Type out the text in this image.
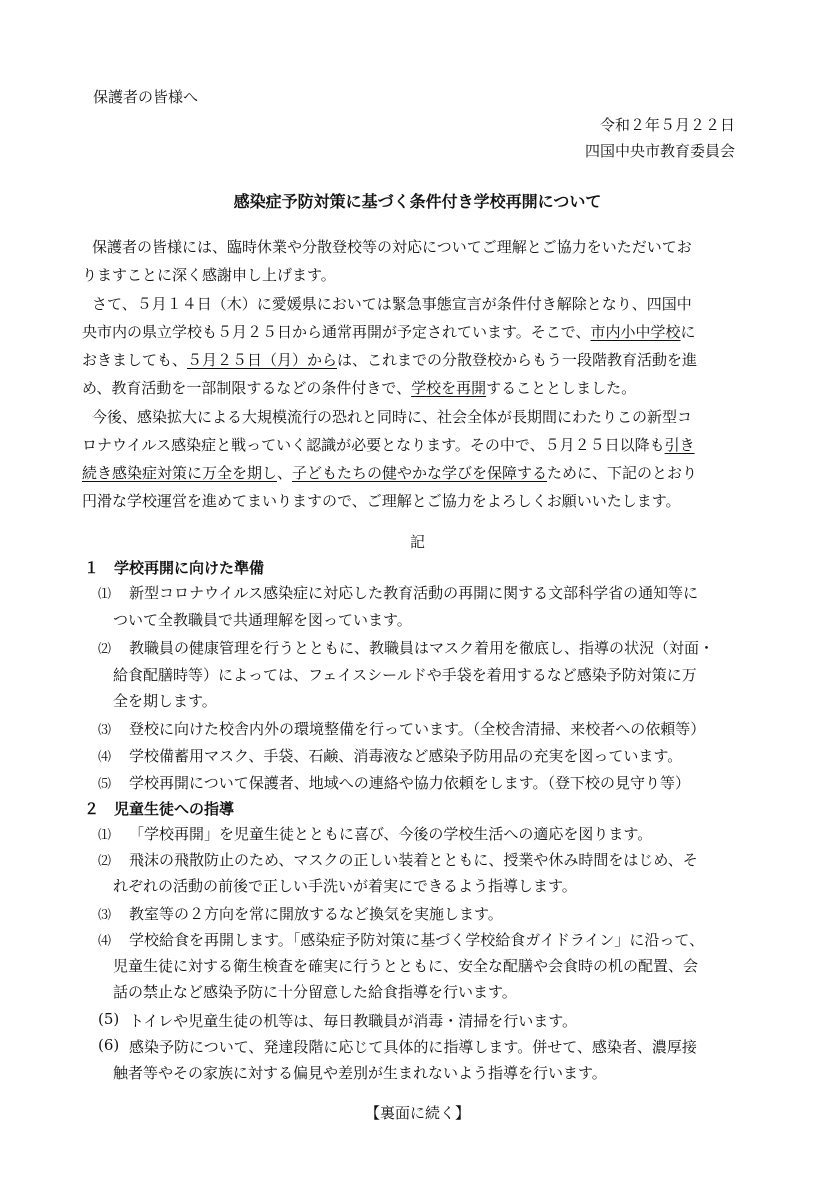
保護者の皆様へ
令和２年５月２２日
四国中央市教育委員会
感染症予防対策に基づく条件付き学校再開について
保護者の皆様には、臨時休業や分散登校等の対応についてご理解とご協力をいただいてお
りますことに深く感謝申し上げます。
さて、５月１４日（木）に愛媛県においては緊急事態宣言が条件付き解除となり、四国中
央市内の県立学校も５月２５日から通常再開が予定されています。そこで、市内小中学校に
おきましても、５月２５日（月）からは、これまでの分散登校からもう一段階教育活動を進
め、教育活動を一部制限するなどの条件付きで、学校を再開することとしました。
今後、感染拡大による大規模流行の恐れと同時に、社会全体が長期間にわたりこの新型コ
ロナウイルス感染症と戦っていく認識が必要となります。その中で、５月２５日以降も引き
続き感染症対策に万全を期し、子どもたちの健やかな学びを保障するために、下記のとおり
円滑な学校運営を進めてまいりますので、ご理解とご協力をよろしくお願いいたします。
記
１　学校再開に向けた準備
⑴ 新型コロナウイルス感染症に対応した教育活動の再開に関する文部科学省の通知等に
ついて全教職員で共通理解を図っています。
⑵ 教職員の健康管理を行うとともに、教職員はマスク着用を徹底し、指導の状況（対面・
給食配膳時等）によっては、フェイスシールドや手袋を着用するなど感染予防対策に万
全を期します。
⑶ 登校に向けた校舎内外の環境整備を行っています。（全校舎清掃、来校者への依頼等）
⑷ 学校備蓄用マスク、手袋、石鹸、消毒液など感染予防用品の充実を図っています。
⑸ 学校再開について保護者、地域への連絡や協力依頼をします。（登下校の見守り等）
２　児童生徒への指導
⑴ 「学校再開」を児童生徒とともに喜び、今後の学校生活への適応を図ります。
⑵ 飛沫の飛散防止のため、マスクの正しい装着とともに、授業や休み時間をはじめ、そ
れぞれの活動の前後で正しい手洗いが着実にできるよう指導します。
⑶ 教室等の２方向を常に開放するなど換気を実施します。
⑷ 学校給食を再開します。「感染症予防対策に基づく学校給食ガイドライン」に沿って、
児童生徒に対する衛生検査を確実に行うとともに、安全な配膳や会食時の机の配置、会
話の禁止など感染予防に十分留意した給食指導を行います。
(5) トイレや児童生徒の机等は、毎日教職員が消毒・清掃を行います。
(6) 感染予防について、発達段階に応じて具体的に指導します。併せて、感染者、濃厚接
触者等やその家族に対する偏見や差別が生まれないよう指導を行います。
【裏面に続く】
